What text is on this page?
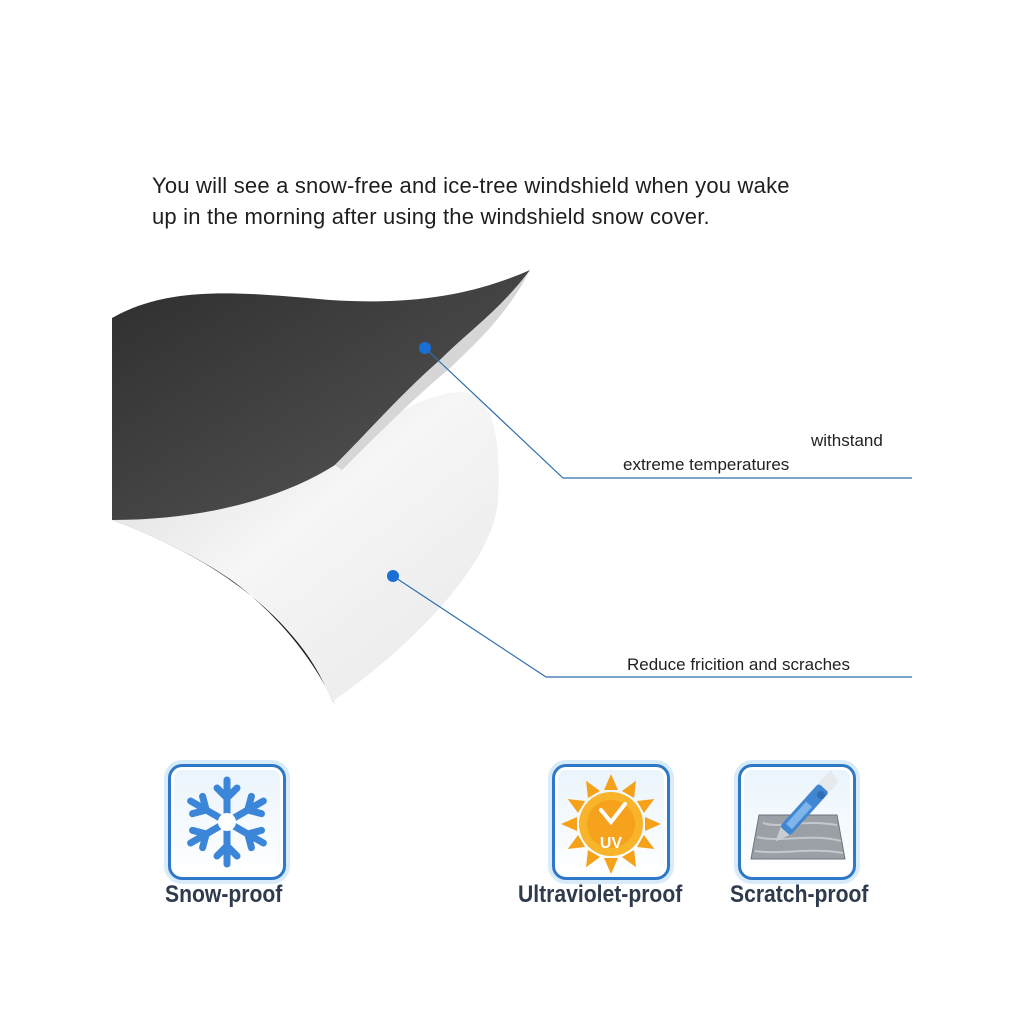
You will see a snow-free and ice-tree windshield when you wake
up in the morning after using the windshield snow cover.
withstand
extreme temperatures
Reduce fricition and scraches
Snow-proof
UV
Ultraviolet-proof Scratch-proof
